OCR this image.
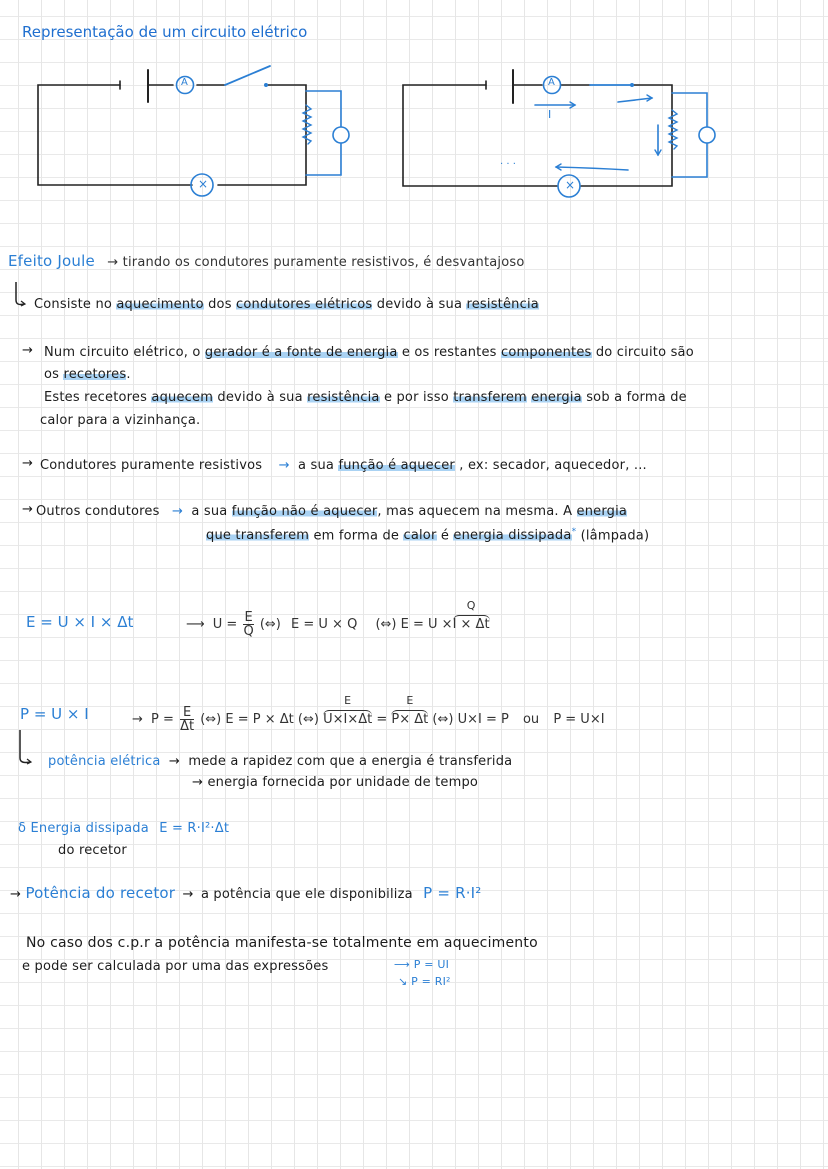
Representação de um circuito elétrico
A
×
A
×
I
· · ·
Efeito Joule → tirando os condutores puramente resistivos, é desvantajoso
Consiste no aquecimento dos condutores elétricos devido à sua resistência
→ Num circuito elétrico, o gerador é a fonte de energia e os restantes componentes do circuito são
os recetores.
Estes recetores aquecem devido à sua resistência e por isso transferem energia sob a forma de
calor para a vizinhança.
→ Condutores puramente resistivos → a sua função é aquecer , ex: secador, aquecedor, ...
→ Outros condutores → a sua função não é aquecer, mas aquecem na mesma. A energia
que transferem em forma de calor é energia dissipada* (lâmpada)
E = U × I × Δt	⟶ $U = \frac{E}{Q}$ (⇔) E = U × Q (⇔) E = U ×
Q
I × Δt
P = U × I	→ $P = \frac{E}{\Delta t}$ (⇔) E = P × Δt (⇔)
E
U×I×Δt =
E
P× Δt (⇔) U×I = P ou P = U×I
potência elétrica → mede a rapidez com que a energia é transferida
→ energia fornecida por unidade de tempo
δ Energia dissipada E = R·I²·Δt
do recetor
→ Potência do recetor → a potência que ele disponibiliza P = R·I²
No caso dos c.p.r a potência manifesta-se totalmente em aquecimento
e pode ser calculada por uma das expressões	⟶ P = UI
↘ P = RI²
